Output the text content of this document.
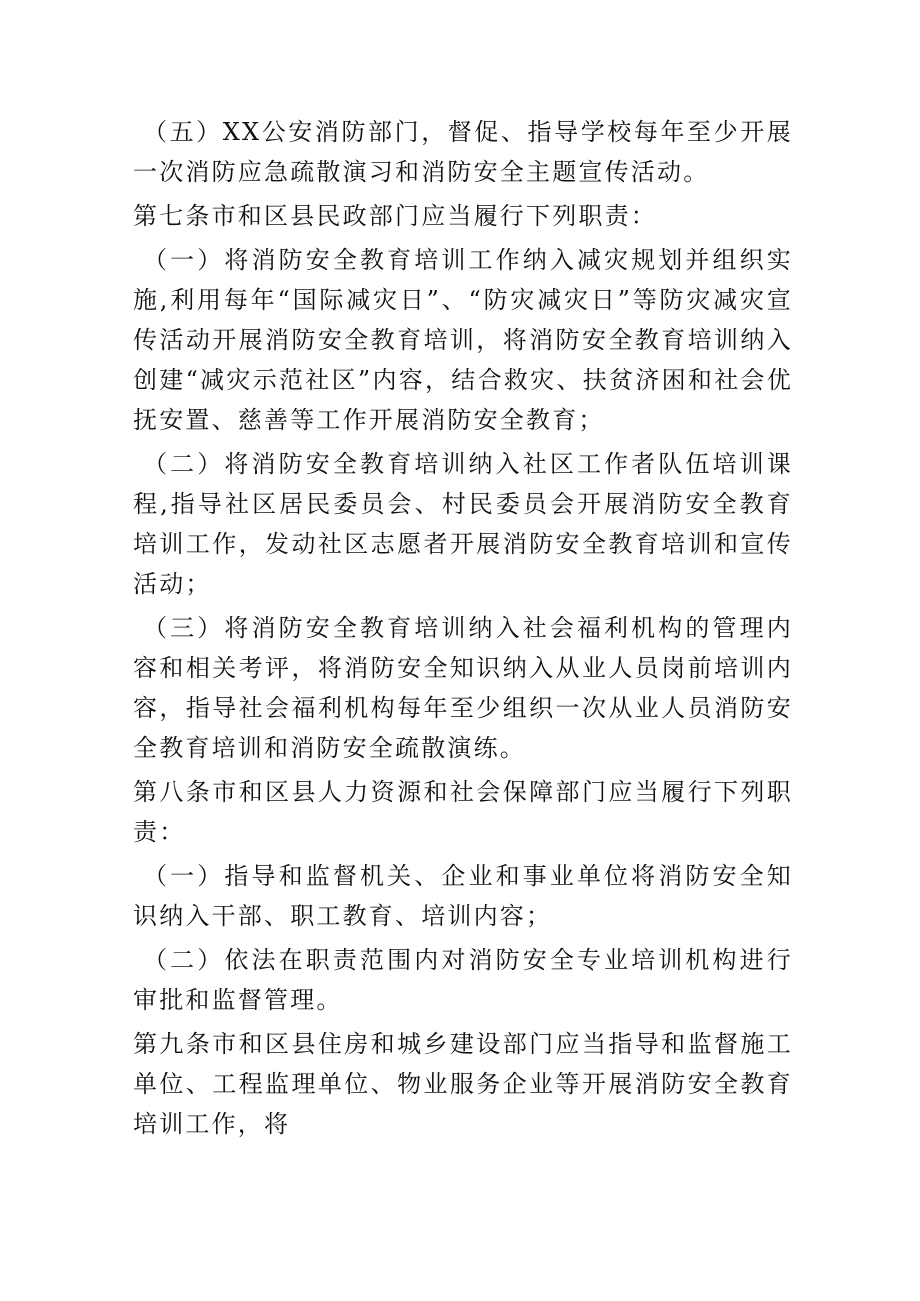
（五）XX公安消防部门，督促、指导学校每年至少开展一次消防应急疏散演习和消防安全主题宣传活动。

第七条市和区县民政部门应当履行下列职责：

（一）将消防安全教育培训工作纳入减灾规划并组织实施,利用每年“国际减灾日”、“防灾减灾日”等防灾减灾宣传活动开展消防安全教育培训，将消防安全教育培训纳入创建“减灾示范社区”内容，结合救灾、扶贫济困和社会优抚安置、慈善等工作开展消防安全教育；

（二）将消防安全教育培训纳入社区工作者队伍培训课程,指导社区居民委员会、村民委员会开展消防安全教育培训工作，发动社区志愿者开展消防安全教育培训和宣传活动；

（三）将消防安全教育培训纳入社会福利机构的管理内容和相关考评，将消防安全知识纳入从业人员岗前培训内容，指导社会福利机构每年至少组织一次从业人员消防安全教育培训和消防安全疏散演练。

第八条市和区县人力资源和社会保障部门应当履行下列职责：

（一）指导和监督机关、企业和事业单位将消防安全知识纳入干部、职工教育、培训内容；

（二）依法在职责范围内对消防安全专业培训机构进行审批和监督管理。

第九条市和区县住房和城乡建设部门应当指导和监督施工单位、工程监理单位、物业服务企业等开展消防安全教育培训工作，将
